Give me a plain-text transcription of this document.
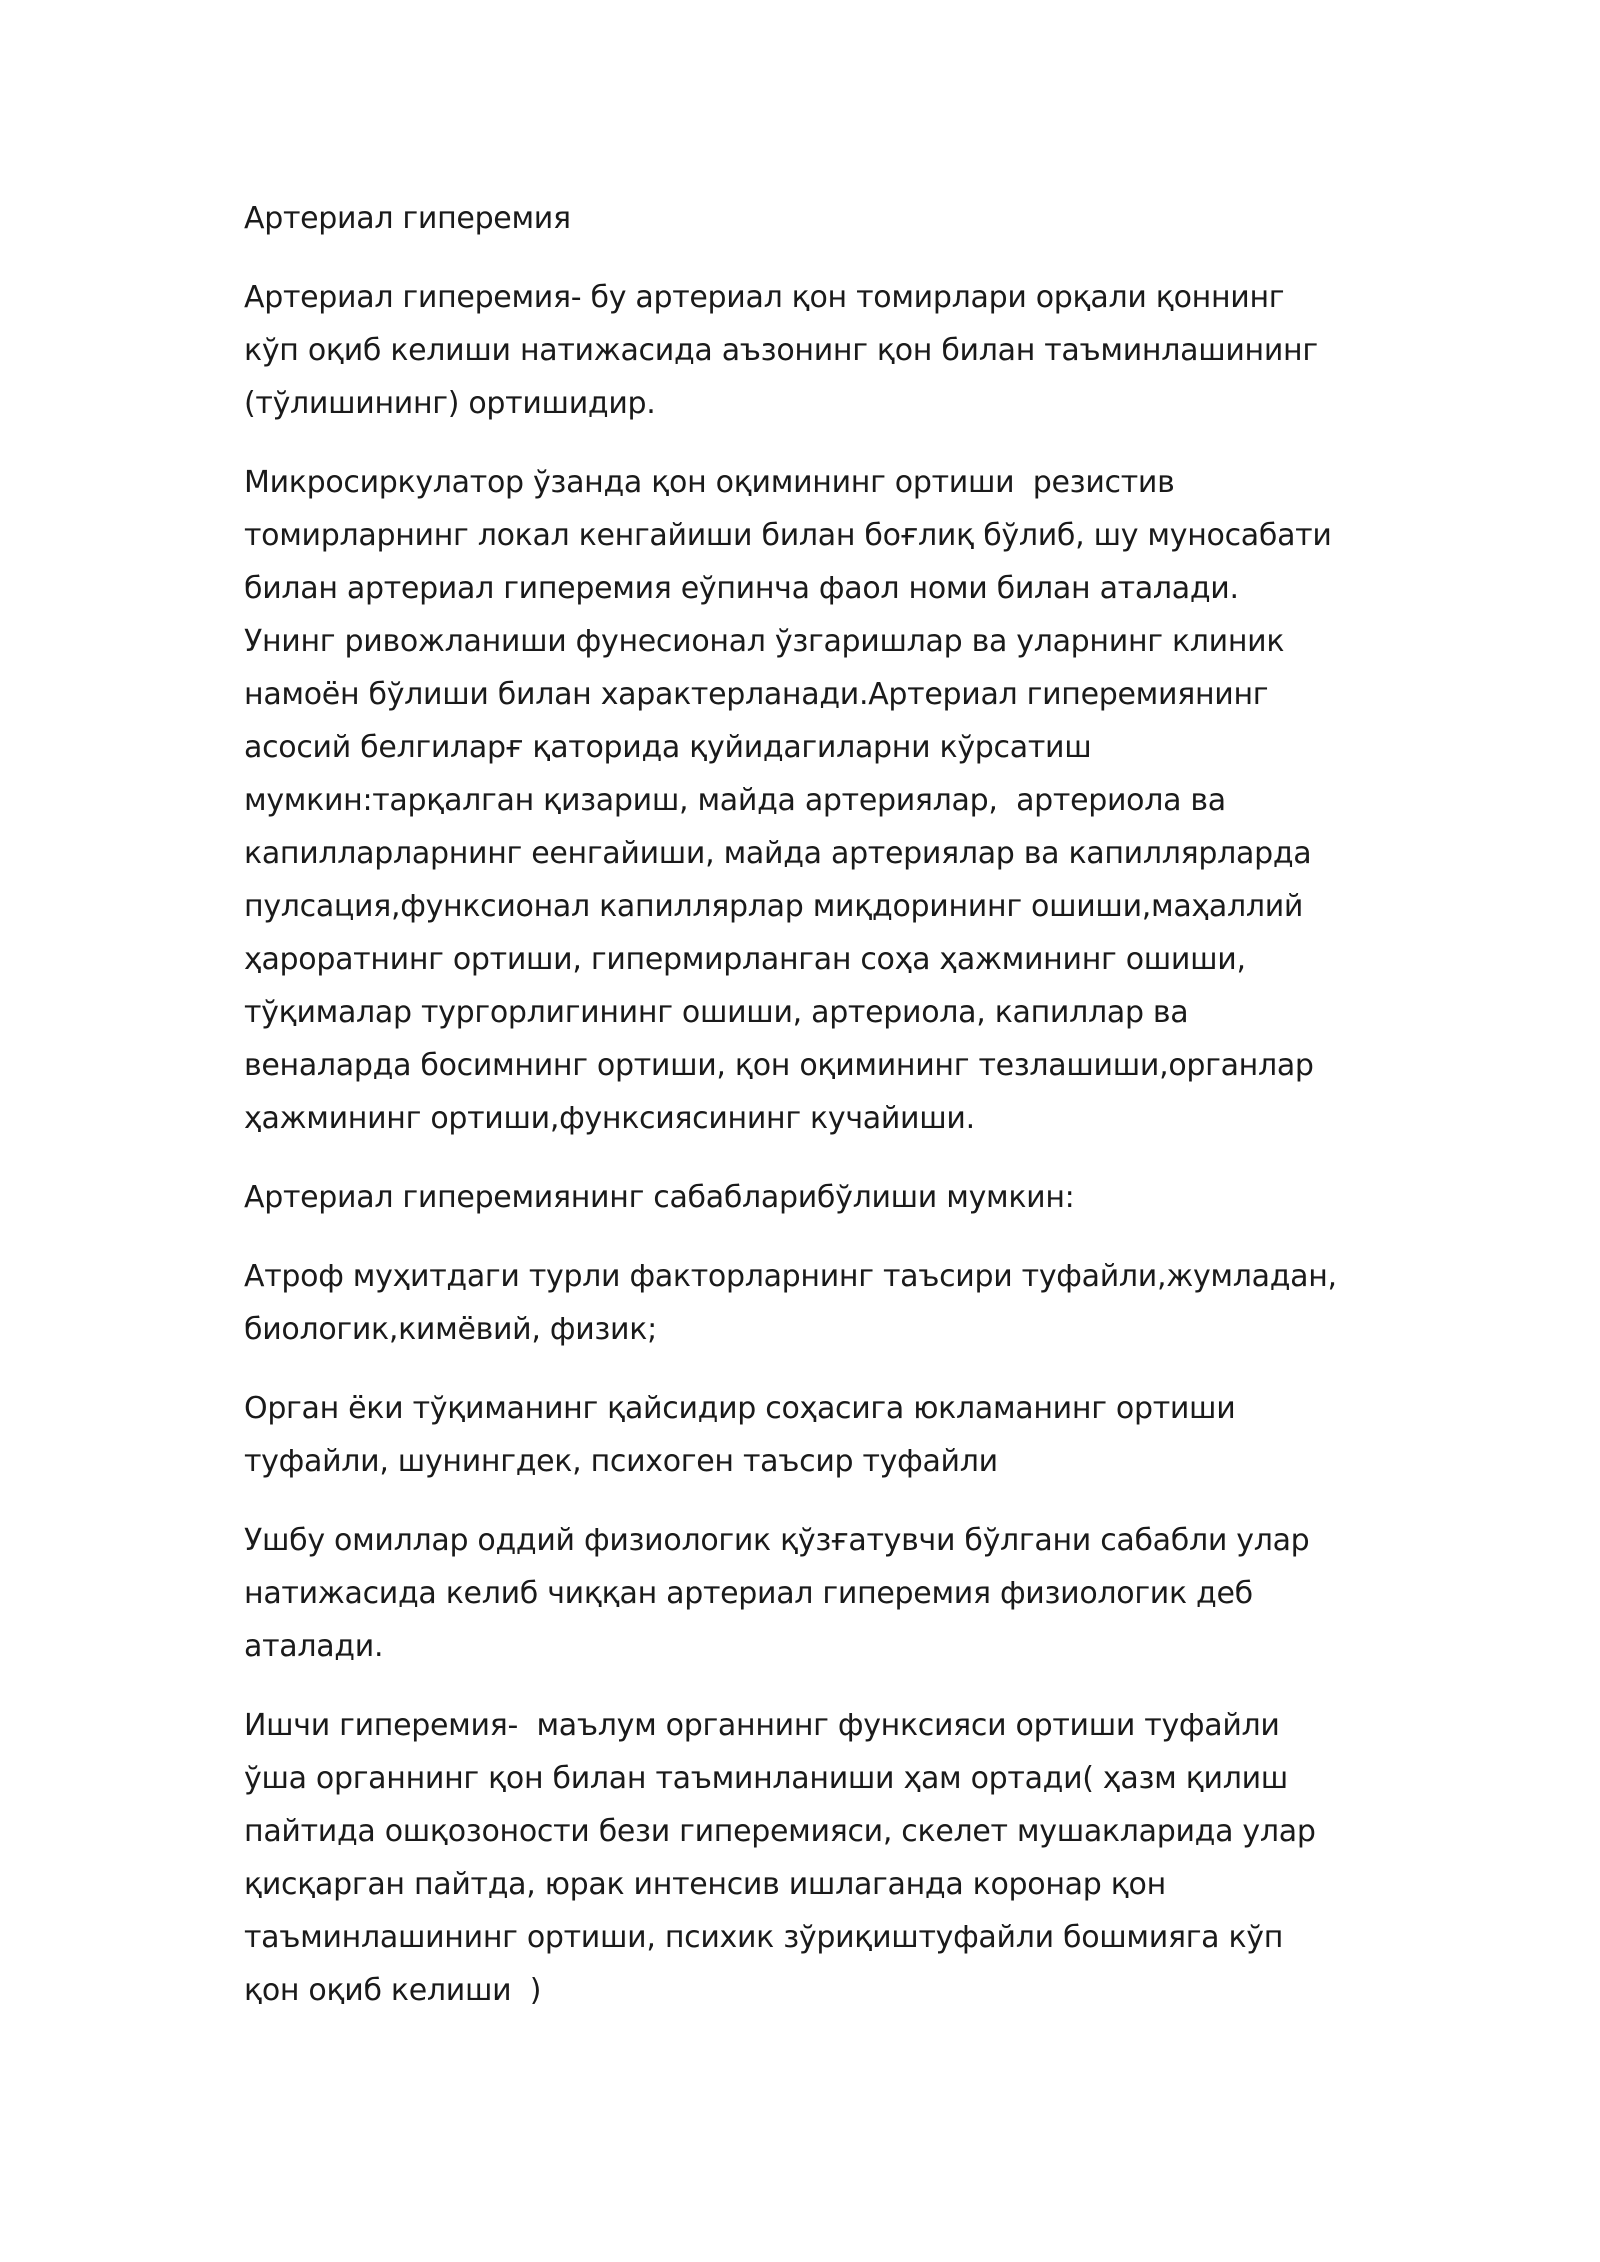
Артериал гиперемия

Артериал гиперемия- бу артериал қон томирлари орқали қоннинг
кўп оқиб келиши натижасида аъзонинг қон билан таъминлашининг
(тўлишининг) ортишидир.

Микросиркулатор ўзанда қон оқимининг ортиши  резистив
томирларнинг локал кенгайиши билан боғлиқ бўлиб, шу муносабати
билан артериал гиперемия еўпинча фаол номи билан аталади.
Унинг ривожланиши фунесионал ўзгаришлар ва уларнинг клиник
намоён бўлиши билан характерланади.Артериал гиперемиянинг
асосий белгиларғ қаторида қуйидагиларни кўрсатиш
мумкин:тарқалган қизариш, майда артериялар,  артериола ва
капилларларнинг еенгайиши, майда артериялар ва капиллярларда
пулсация,функсионал капиллярлар миқдорининг ошиши,маҳаллий
ҳароратнинг ортиши, гипермирланган соҳа ҳажмининг ошиши,
тўқималар тургорлигининг ошиши, артериола, капиллар ва
веналарда босимнинг ортиши, қон оқимининг тезлашиши,органлар
ҳажмининг ортиши,функсиясининг кучайиши.

Артериал гиперемиянинг сабабларибўлиши мумкин:

Атроф муҳитдаги турли факторларнинг таъсири туфайли,жумладан,
биологик,кимёвий, физик;

Орган ёки тўқиманинг қайсидир соҳасига юкламанинг ортиши
туфайли, шунингдек, психоген таъсир туфайли

Ушбу омиллар оддий физиологик қўзғатувчи бўлгани сабабли улар
натижасида келиб чиққан артериал гиперемия физиологик деб
аталади.

Ишчи гиперемия-  маълум органнинг функсияси ортиши туфайли
ўша органнинг қон билан таъминланиши ҳам ортади( ҳазм қилиш
пайтида ошқозоности бези гиперемияси, скелет мушакларида улар
қисқарган пайтда, юрак интенсив ишлаганда коронар қон
таъминлашининг ортиши, психик зўриқиштуфайли бошмияга кўп
қон оқиб келиши  )
